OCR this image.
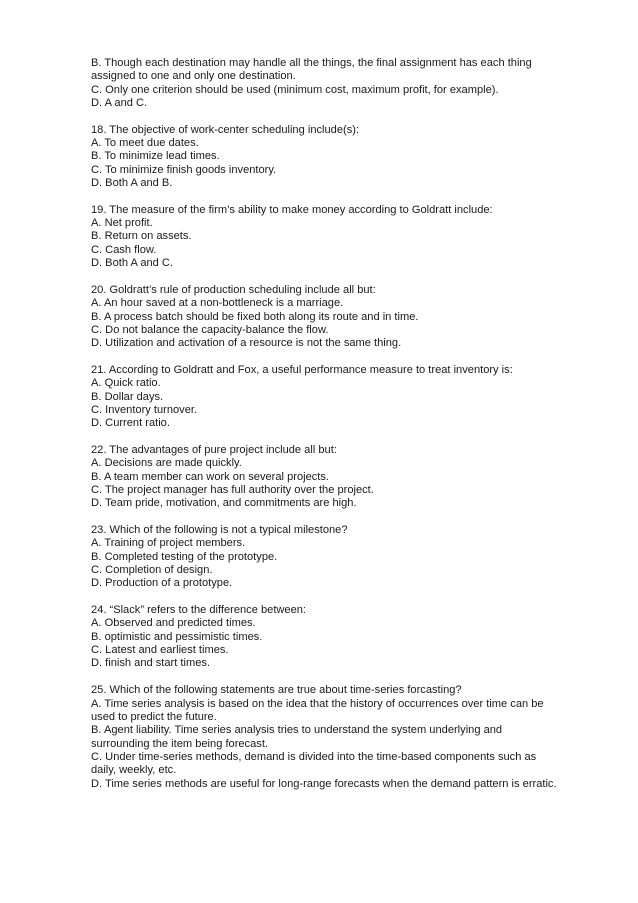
B. Though each destination may handle all the things, the final assignment has each thing
assigned to one and only one destination.
C. Only one criterion should be used (minimum cost, maximum profit, for example).
D. A and C.
18. The objective of work-center scheduling include(s):
A. To meet due dates.
B. To minimize lead times.
C. To minimize finish goods inventory.
D. Both A and B.
19. The measure of the firm’s ability to make money according to Goldratt include:
A. Net profit.
B. Return on assets.
C. Cash flow.
D. Both A and C.
20. Goldratt’s rule of production scheduling include all but:
A. An hour saved at a non-bottleneck is a marriage.
B. A process batch should be fixed both along its route and in time.
C. Do not balance the capacity-balance the flow.
D. Utilization and activation of a resource is not the same thing.
21. According to Goldratt and Fox, a useful performance measure to treat inventory is:
A. Quick ratio.
B. Dollar days.
C. Inventory turnover.
D. Current ratio.
22. The advantages of pure project include all but:
A. Decisions are made quickly.
B. A team member can work on several projects.
C. The project manager has full authority over the project.
D. Team pride, motivation, and commitments are high.
23. Which of the following is not a typical milestone?
A. Training of project members.
B. Completed testing of the prototype.
C. Completion of design.
D. Production of a prototype.
24. “Slack” refers to the difference between:
A. Observed and predicted times.
B. optimistic and pessimistic times.
C. Latest and earliest times.
D. finish and start times.
25. Which of the following statements are true about time-series forcasting?
A. Time series analysis is based on the idea that the history of occurrences over time can be
used to predict the future.
B. Agent liability. Time series analysis tries to understand the system underlying and
surrounding the item being forecast.
C. Under time-series methods, demand is divided into the time-based components such as
daily, weekly, etc.
D. Time series methods are useful for long-range forecasts when the demand pattern is erratic.
